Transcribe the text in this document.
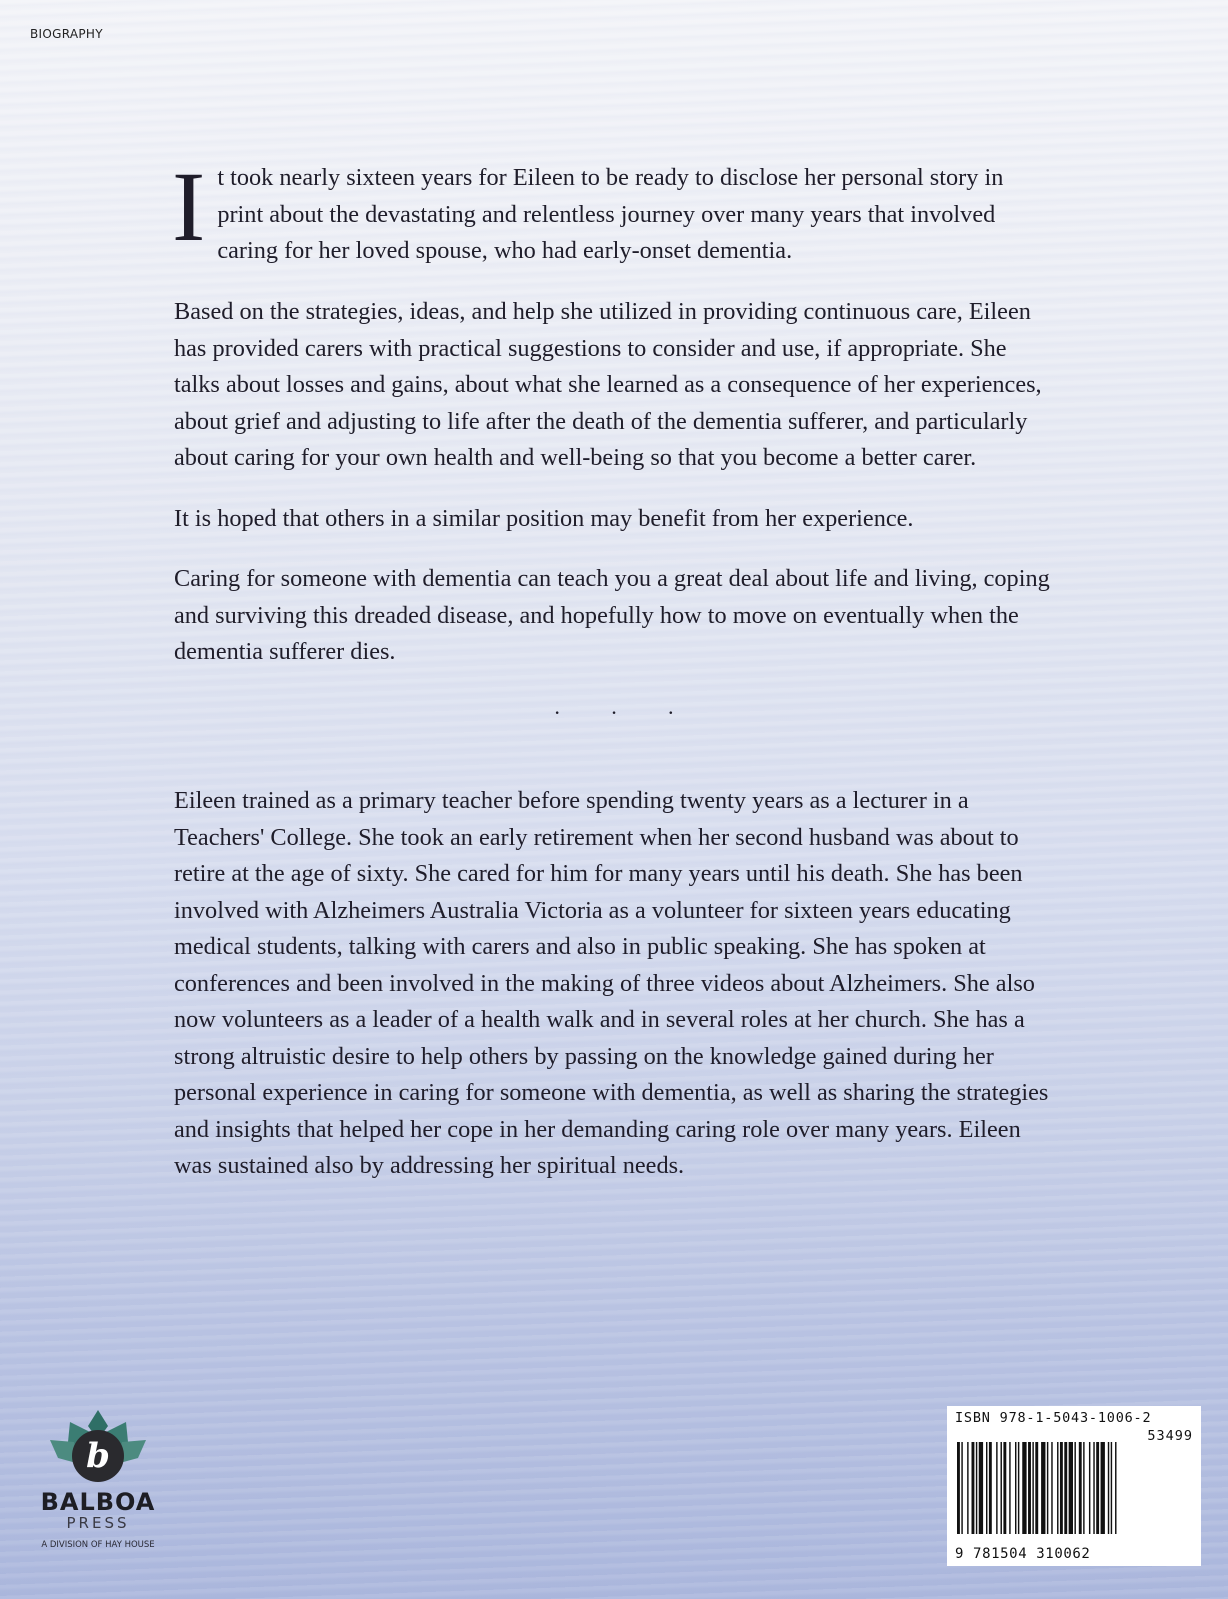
BIOGRAPHY

It took nearly sixteen years for Eileen to be ready to disclose her personal story in print about the devastating and relentless journey over many years that involved caring for her loved spouse, who had early-onset dementia.

Based on the strategies, ideas, and help she utilized in providing continuous care, Eileen has provided carers with practical suggestions to consider and use, if appropriate. She talks about losses and gains, about what she learned as a consequence of her experiences, about grief and adjusting to life after the death of the dementia sufferer, and particularly about caring for your own health and well-being so that you become a better carer.

It is hoped that others in a similar position may benefit from her experience.

Caring for someone with dementia can teach you a great deal about life and living, coping and surviving this dreaded disease, and hopefully how to move on eventually when the dementia sufferer dies.

· · ·

Eileen trained as a primary teacher before spending twenty years as a lecturer in a Teachers' College. She took an early retirement when her second husband was about to retire at the age of sixty. She cared for him for many years until his death. She has been involved with Alzheimers Australia Victoria as a volunteer for sixteen years educating medical students, talking with carers and also in public speaking. She has spoken at conferences and been involved in the making of three videos about Alzheimers. She also now volunteers as a leader of a health walk and in several roles at her church. She has a strong altruistic desire to help others by passing on the knowledge gained during her personal experience in caring for someone with dementia, as well as sharing the strategies and insights that helped her cope in her demanding caring role over many years. Eileen was sustained also by addressing her spiritual needs.

b
BALBOA
PRESS
A DIVISION OF HAY HOUSE
ISBN 978-1-5043-1006-2
53499
9 781504 310062
